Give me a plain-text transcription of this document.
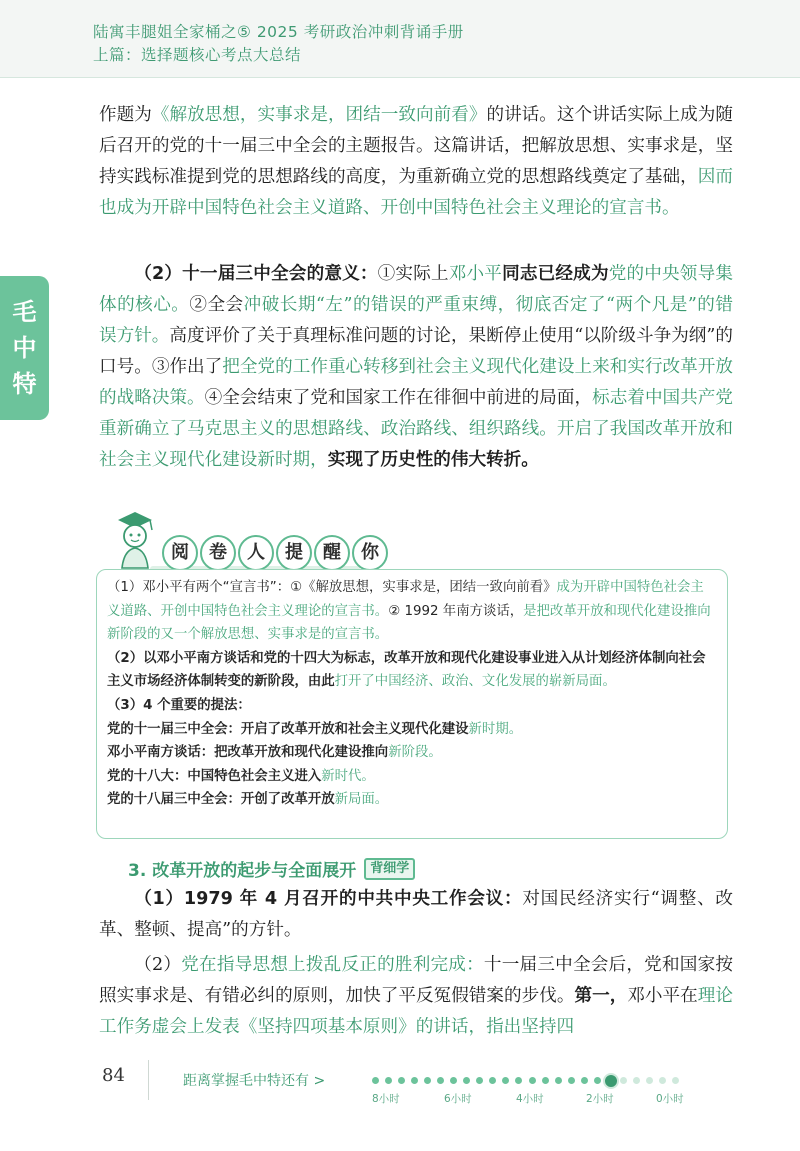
陆寓丰腿姐全家桶之⑤ 2025 考研政治冲刺背诵手册
上篇：选择题核心考点大总结
毛
中
特
作题为《解放思想，实事求是，团结一致向前看》的讲话。这个讲话实际上成为随后召开的党的十一届三中全会的主题报告。这篇讲话，把解放思想、实事求是，坚持实践标准提到党的思想路线的高度，为重新确立党的思想路线奠定了基础，因而也成为开辟中国特色社会主义道路、开创中国特色社会主义理论的宣言书。
（2）十一届三中全会的意义：①实际上邓小平同志已经成为党的中央领导集体的核心。②全会冲破长期“左”的错误的严重束缚，彻底否定了“两个凡是”的错误方针。高度评价了关于真理标准问题的讨论，果断停止使用“以阶级斗争为纲”的口号。③作出了把全党的工作重心转移到社会主义现代化建设上来和实行改革开放的战略决策。④全会结束了党和国家工作在徘徊中前进的局面，标志着中国共产党重新确立了马克思主义的思想路线、政治路线、组织路线。开启了我国改革开放和社会主义现代化建设新时期，实现了历史性的伟大转折。
阅	卷	人	提	醒	你

（1）邓小平有两个“宣言书”：①《解放思想，实事求是，团结一致向前看》成为开辟中国特色社会主义道路、开创中国特色社会主义理论的宣言书。② 1992 年南方谈话，是把改革开放和现代化建设推向新阶段的又一个解放思想、实事求是的宣言书。

（2）以邓小平南方谈话和党的十四大为标志，改革开放和现代化建设事业进入从计划经济体制向社会主义市场经济体制转变的新阶段，由此打开了中国经济、政治、文化发展的崭新局面。

（3）4 个重要的提法：

党的十一届三中全会：开启了改革开放和社会主义现代化建设新时期。

邓小平南方谈话：把改革开放和现代化建设推向新阶段。

党的十八大：中国特色社会主义进入新时代。

党的十八届三中全会：开创了改革开放新局面。

3. 改革开放的起步与全面展开	背细学
（1）1979 年 4 月召开的中共中央工作会议：对国民经济实行“调整、改革、整顿、提高”的方针。
（2）党在指导思想上拨乱反正的胜利完成：十一届三中全会后，党和国家按照实事求是、有错必纠的原则，加快了平反冤假错案的步伐。第一，邓小平在理论工作务虚会上发表《坚持四项基本原则》的讲话，指出坚持四
84	距离掌握毛中特还有 >
8小时	6小时	4小时	2小时	0小时
